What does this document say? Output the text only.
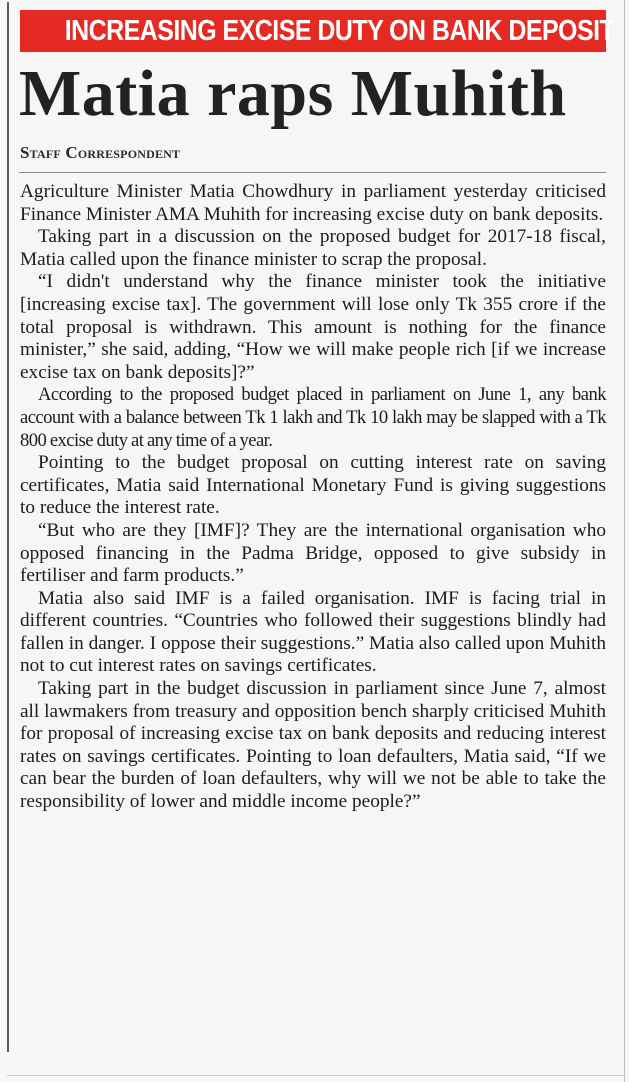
INCREASING EXCISE DUTY ON BANK DEPOSIT
Matia raps Muhith
Staff Correspondent

Agriculture Minister Matia Chowdhury in parliament yesterday criticised Finance Minister AMA Muhith for increasing excise duty on bank deposits.

Taking part in a discussion on the proposed budget for 2017-18 fiscal, Matia called upon the finance minister to scrap the proposal.

“I didn't understand why the finance minister took the initiative [increasing excise tax]. The government will lose only Tk 355 crore if the total proposal is withdrawn. This amount is nothing for the finance minister,” she said, adding, “How we will make people rich [if we increase excise tax on bank deposits]?”

According to the proposed budget placed in parliament on June 1, any bank account with a balance between Tk 1 lakh and Tk 10 lakh may be slapped with a Tk 800 excise duty at any time of a year.

Pointing to the budget proposal on cutting interest rate on saving certificates, Matia said International Monetary Fund is giving suggestions to reduce the interest rate.

“But who are they [IMF]? They are the international organisation who opposed financing in the Padma Bridge, opposed to give subsidy in fertiliser and farm products.”

Matia also said IMF is a failed organisation. IMF is facing trial in different countries. “Countries who followed their suggestions blindly had fallen in danger. I oppose their suggestions.” Matia also called upon Muhith not to cut interest rates on savings certificates.

Taking part in the budget discussion in parliament since June 7, almost all lawmakers from treasury and opposition bench sharply criticised Muhith for proposal of increasing excise tax on bank deposits and reducing interest rates on savings certificates. Pointing to loan defaulters, Matia said, “If we can bear the burden of loan defaulters, why will we not be able to take the responsibility of lower and middle income people?”
